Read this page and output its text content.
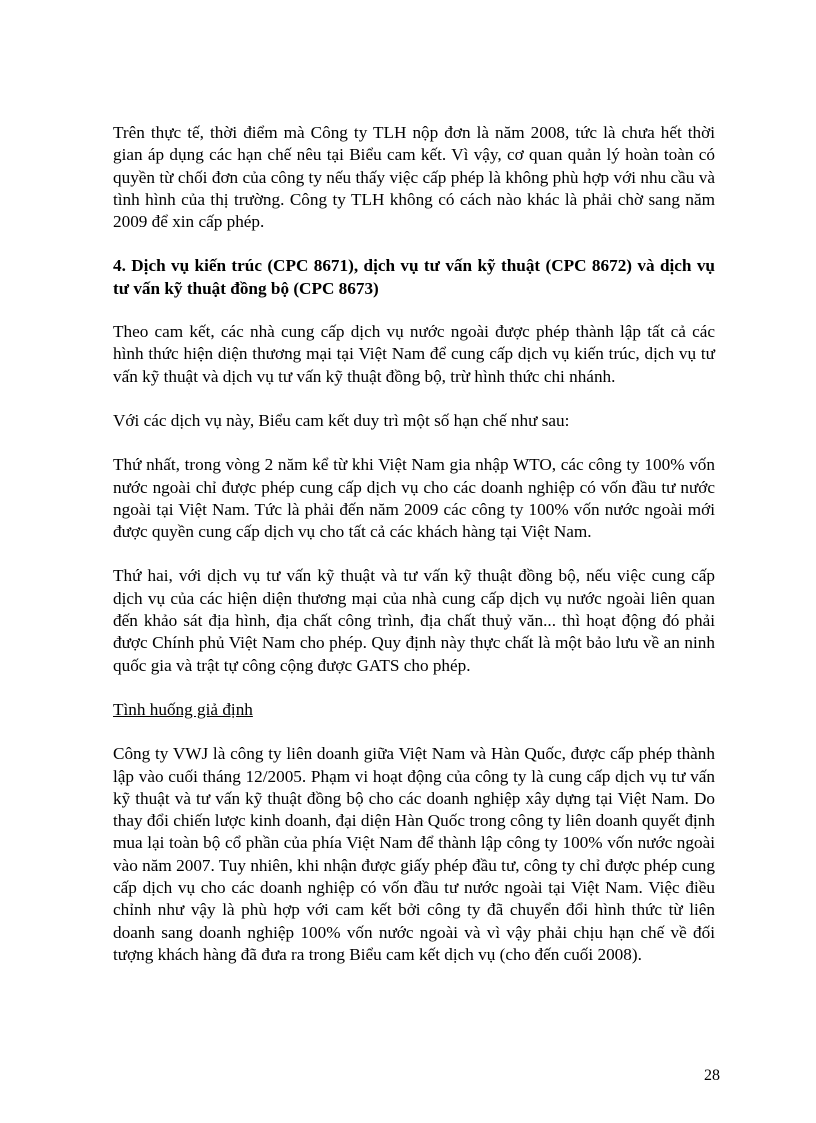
Trên thực tế, thời điểm mà Công ty TLH nộp đơn là năm 2008, tức là chưa hết thời gian áp dụng các hạn chế nêu tại Biểu cam kết. Vì vậy, cơ quan quản lý hoàn toàn có quyền từ chối đơn của công ty nếu thấy việc cấp phép là không phù hợp với nhu cầu và tình hình của thị trường. Công ty TLH không có cách nào khác là phải chờ sang năm 2009 để xin cấp phép.

4. Dịch vụ kiến trúc (CPC 8671), dịch vụ tư vấn kỹ thuật (CPC 8672) và dịch vụ tư vấn kỹ thuật đồng bộ (CPC 8673)

Theo cam kết, các nhà cung cấp dịch vụ nước ngoài được phép thành lập tất cả các hình thức hiện diện thương mại tại Việt Nam để cung cấp dịch vụ kiến trúc, dịch vụ tư vấn kỹ thuật và dịch vụ tư vấn kỹ thuật đồng bộ, trừ hình thức chi nhánh.

Với các dịch vụ này, Biểu cam kết duy trì một số hạn chế như sau:

Thứ nhất, trong vòng 2 năm kể từ khi Việt Nam gia nhập WTO, các công ty 100% vốn nước ngoài chỉ được phép cung cấp dịch vụ cho các doanh nghiệp có vốn đầu tư nước ngoài tại Việt Nam. Tức là phải đến năm 2009 các công ty 100% vốn nước ngoài mới được quyền cung cấp dịch vụ cho tất cả các khách hàng tại Việt Nam.

Thứ hai, với dịch vụ tư vấn kỹ thuật và tư vấn kỹ thuật đồng bộ, nếu việc cung cấp dịch vụ của các hiện diện thương mại của nhà cung cấp dịch vụ nước ngoài liên quan đến khảo sát địa hình, địa chất công trình, địa chất thuỷ văn... thì hoạt động đó phải được Chính phủ Việt Nam cho phép. Quy định này thực chất là một bảo lưu về an ninh quốc gia và trật tự công cộng được GATS cho phép.

Tình huống giả định

Công ty VWJ là công ty liên doanh giữa Việt Nam và Hàn Quốc, được cấp phép thành lập vào cuối tháng 12/2005. Phạm vi hoạt động của công ty là cung cấp dịch vụ tư vấn kỹ thuật và tư vấn kỹ thuật đồng bộ cho các doanh nghiệp xây dựng tại Việt Nam. Do thay đổi chiến lược kinh doanh, đại diện Hàn Quốc trong công ty liên doanh quyết định mua lại toàn bộ cổ phần của phía Việt Nam để thành lập công ty 100% vốn nước ngoài vào năm 2007. Tuy nhiên, khi nhận được giấy phép đầu tư, công ty chỉ được phép cung cấp dịch vụ cho các doanh nghiệp có vốn đầu tư nước ngoài tại Việt Nam. Việc điều chỉnh như vậy là phù hợp với cam kết bởi công ty đã chuyển đổi hình thức từ liên doanh sang doanh nghiệp 100% vốn nước ngoài và vì vậy phải chịu hạn chế về đối tượng khách hàng đã đưa ra trong Biểu cam kết dịch vụ (cho đến cuối 2008).

28
